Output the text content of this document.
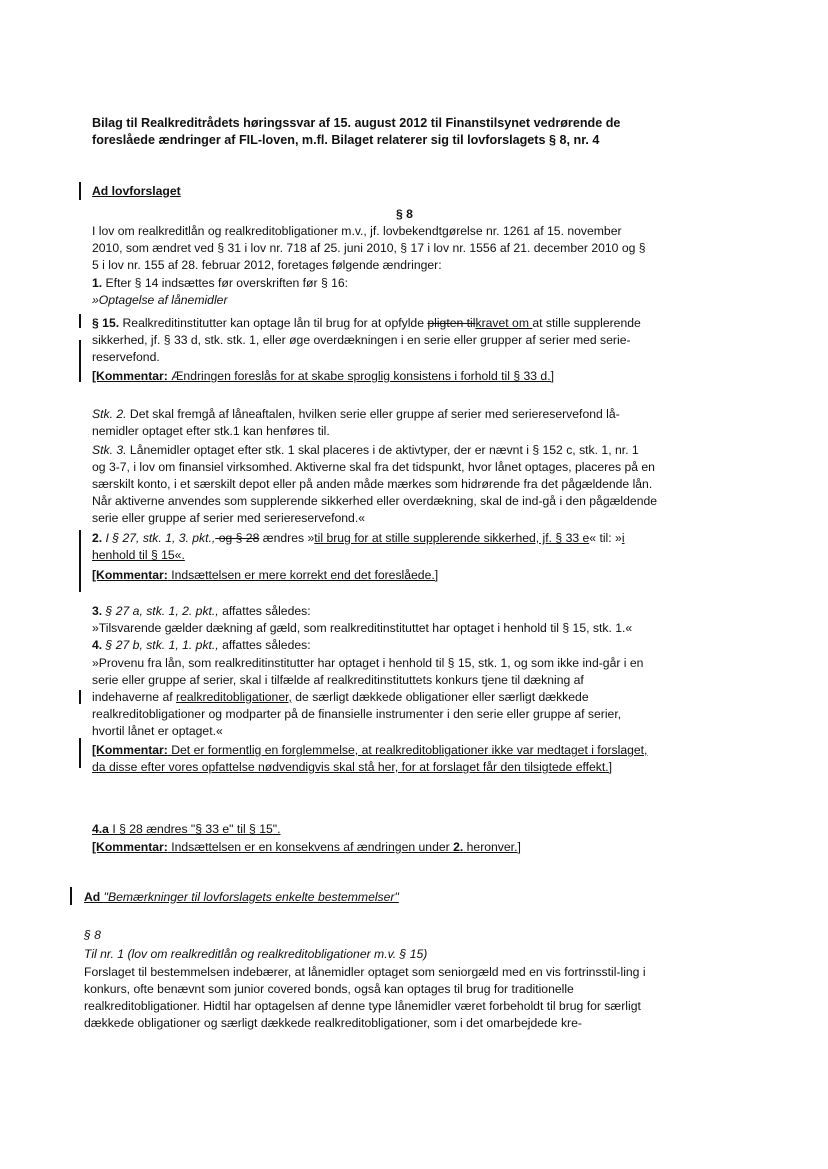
Bilag til Realkreditrådets høringssvar af 15. august 2012 til Finanstilsynet vedrørende de
foreslåede ændringer af FIL-loven, m.fl. Bilaget relaterer sig til lovforslagets § 8, nr. 4
Ad lovforslaget
§ 8
I lov om realkreditlån og realkreditobligationer m.v., jf. lovbekendtgørelse nr. 1261 af 15. november
2010, som ændret ved § 31 i lov nr. 718 af 25. juni 2010, § 17 i lov nr. 1556 af 21. december 2010 og §
5 i lov nr. 155 af 28. februar 2012, foretages følgende ændringer:
1. Efter § 14 indsættes før overskriften før § 16:
»Optagelse af lånemidler
§ 15. Realkreditinstitutter kan optage lån til brug for at opfylde pligten tilkravet om at stille supplerende
sikkerhed, jf. § 33 d, stk. stk. 1, eller øge overdækningen i en serie eller grupper af serier med serie-
reservefond.
[Kommentar: Ændringen foreslås for at skabe sproglig konsistens i forhold til § 33 d.]
Stk. 2. Det skal fremgå af låneaftalen, hvilken serie eller gruppe af serier med seriereservefond lå-
nemidler optaget efter stk.1 kan henføres til.
Stk. 3. Lånemidler optaget efter stk. 1 skal placeres i de aktivtyper, der er nævnt i § 152 c, stk. 1, nr. 1
og 3-7, i lov om finansiel virksomhed. Aktiverne skal fra det tidspunkt, hvor lånet optages, placeres på en
særskilt konto, i et særskilt depot eller på anden måde mærkes som hidrørende fra det pågældende lån.
Når aktiverne anvendes som supplerende sikkerhed eller overdækning, skal de ind-gå i den pågældende
serie eller gruppe af serier med seriereservefond.«
2. I § 27, stk. 1, 3. pkt., og § 28 ændres »til brug for at stille supplerende sikkerhed, jf. § 33 e« til: »i
henhold til § 15«.
[Kommentar: Indsættelsen er mere korrekt end det foreslåede.]
3. § 27 a, stk. 1, 2. pkt., affattes således:
»Tilsvarende gælder dækning af gæld, som realkreditinstituttet har optaget i henhold til § 15, stk. 1.«
4. § 27 b, stk. 1, 1. pkt., affattes således:
»Provenu fra lån, som realkreditinstitutter har optaget i henhold til § 15, stk. 1, og som ikke ind-går i en
serie eller gruppe af serier, skal i tilfælde af realkreditinstituttets konkurs tjene til dækning af
indehaverne af realkreditobligationer, de særligt dækkede obligationer eller særligt dækkede
realkreditobligationer og modparter på de finansielle instrumenter i den serie eller gruppe af serier,
hvortil lånet er optaget.«
[Kommentar: Det er formentlig en forglemmelse, at realkreditobligationer ikke var medtaget i forslaget,
da disse efter vores opfattelse nødvendigvis skal stå her, for at forslaget får den tilsigtede effekt.]
4.a I § 28 ændres "§ 33 e" til § 15".
[Kommentar: Indsættelsen er en konsekvens af ændringen under 2. heronver.]
Ad "Bemærkninger til lovforslagets enkelte bestemmelser"
§ 8
Til nr. 1 (lov om realkreditlån og realkreditobligationer m.v. § 15)
Forslaget til bestemmelsen indebærer, at lånemidler optaget som seniorgæld med en vis fortrinsstil-ling i
konkurs, ofte benævnt som junior covered bonds, også kan optages til brug for traditionelle
realkreditobligationer. Hidtil har optagelsen af denne type lånemidler været forbeholdt til brug for særligt
dækkede obligationer og særligt dækkede realkreditobligationer, som i det omarbejdede kre-
